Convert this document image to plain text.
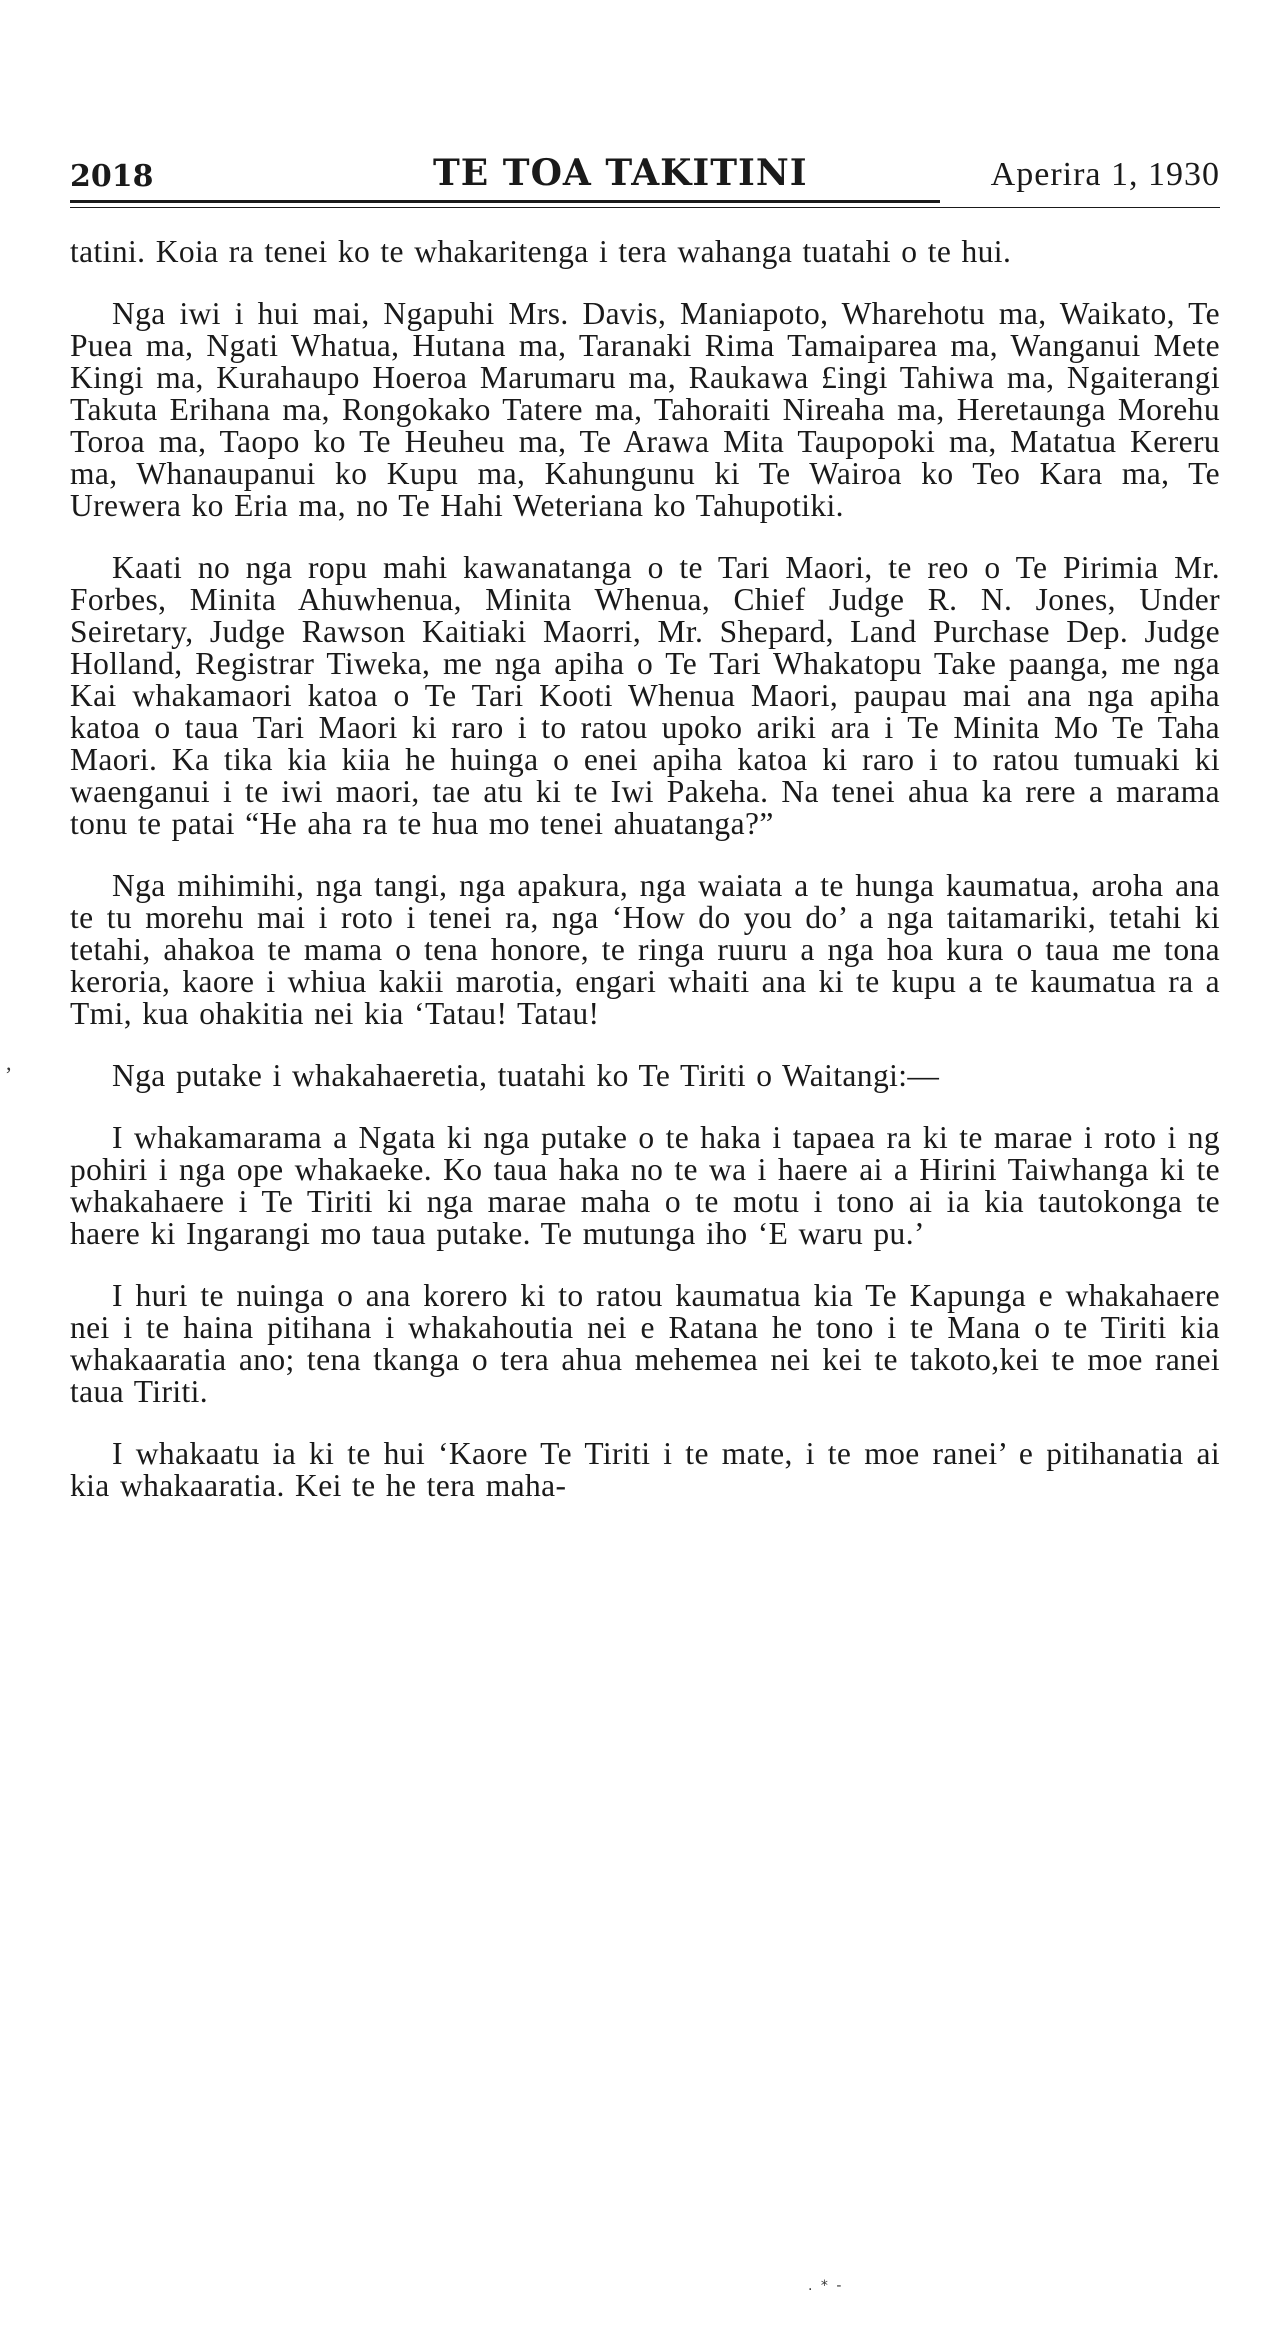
2018	TE TOA TAKITINI	Aperira 1, 1930

tatini. Koia ra tenei ko te whakaritenga i tera wahanga tuatahi o te hui.

Nga iwi i hui mai, Ngapuhi Mrs. Davis, Maniapoto, Wharehotu ma, Waikato, Te Puea ma, Ngati Whatua, Hutana ma, Taranaki Rima Tamaiparea ma, Wanganui Mete Kingi ma, Kurahaupo Hoeroa Marumaru ma, Raukawa £ingi Tahiwa ma, Ngaiterangi Takuta Erihana ma, Rongokako Tatere ma, Tahoraiti Nireaha ma, Heretaunga Morehu Toroa ma, Taopo ko Te Heuheu ma, Te Arawa Mita Taupopoki ma, Matatua Kereru ma, Whanaupanui ko Kupu ma, Kahungunu ki Te Wairoa ko Teo Kara ma, Te Urewera ko Eria ma, no Te Hahi Weteriana ko Tahupotiki.

Kaati no nga ropu mahi kawanatanga o te Tari Maori, te reo o Te Pirimia Mr. Forbes, Minita Ahuwhenua, Minita Whenua, Chief Judge R. N. Jones, Under Seiretary, Judge Rawson Kaitiaki Maorri, Mr. Shepard, Land Purchase Dep. Judge Holland, Registrar Tiweka, me nga apiha o Te Tari Whakatopu Take paanga, me nga Kai whakamaori katoa o Te Tari Kooti Whenua Maori, paupau mai ana nga apiha katoa o taua Tari Maori ki raro i to ratou upoko ariki ara i Te Minita Mo Te Taha Maori. Ka tika kia kiia he huinga o enei apiha katoa ki raro i to ratou tumuaki ki waenganui i te iwi maori, tae atu ki te Iwi Pakeha. Na tenei ahua ka rere a marama tonu te patai “He aha ra te hua mo tenei ahuatanga?”

Nga mihimihi, nga tangi, nga apakura, nga waiata a te hunga kaumatua, aroha ana te tu morehu mai i roto i tenei ra, nga ‘How do you do’ a nga taitamariki, tetahi ki tetahi, ahakoa te mama o tena honore, te ringa ruuru a nga hoa kura o taua me tona keroria, kaore i whiua kakii marotia, engari whaiti ana ki te kupu a te kaumatua ra a Tmi, kua ohakitia nei kia ‘Tatau! Tatau!

Nga putake i whakahaeretia, tuatahi ko Te Tiriti o Waitangi:—

I whakamarama a Ngata ki nga putake o te haka i tapaea ra ki te marae i roto i ng pohiri i nga ope whakaeke. Ko taua haka no te wa i haere ai a Hirini Taiwhanga ki te whakahaere i Te Tiriti ki nga marae maha o te motu i tono ai ia kia tautokonga te haere ki Ingarangi mo taua putake. Te mutunga iho ‘E waru pu.’

I huri te nuinga o ana korero ki to ratou kaumatua kia Te Kapunga e whakahaere nei i te haina pitihana i whakahoutia nei e Ratana he tono i te Mana o te Tiriti kia whakaaratia ano; tena tkanga o tera ahua mehemea nei kei te takoto,kei te moe ranei taua Tiriti.

I whakaatu ia ki te hui ‘Kaore Te Tiriti i te mate, i te moe ranei’ e pitihanatia ai kia whakaaratia. Kei te he tera maha-

,
. * -
